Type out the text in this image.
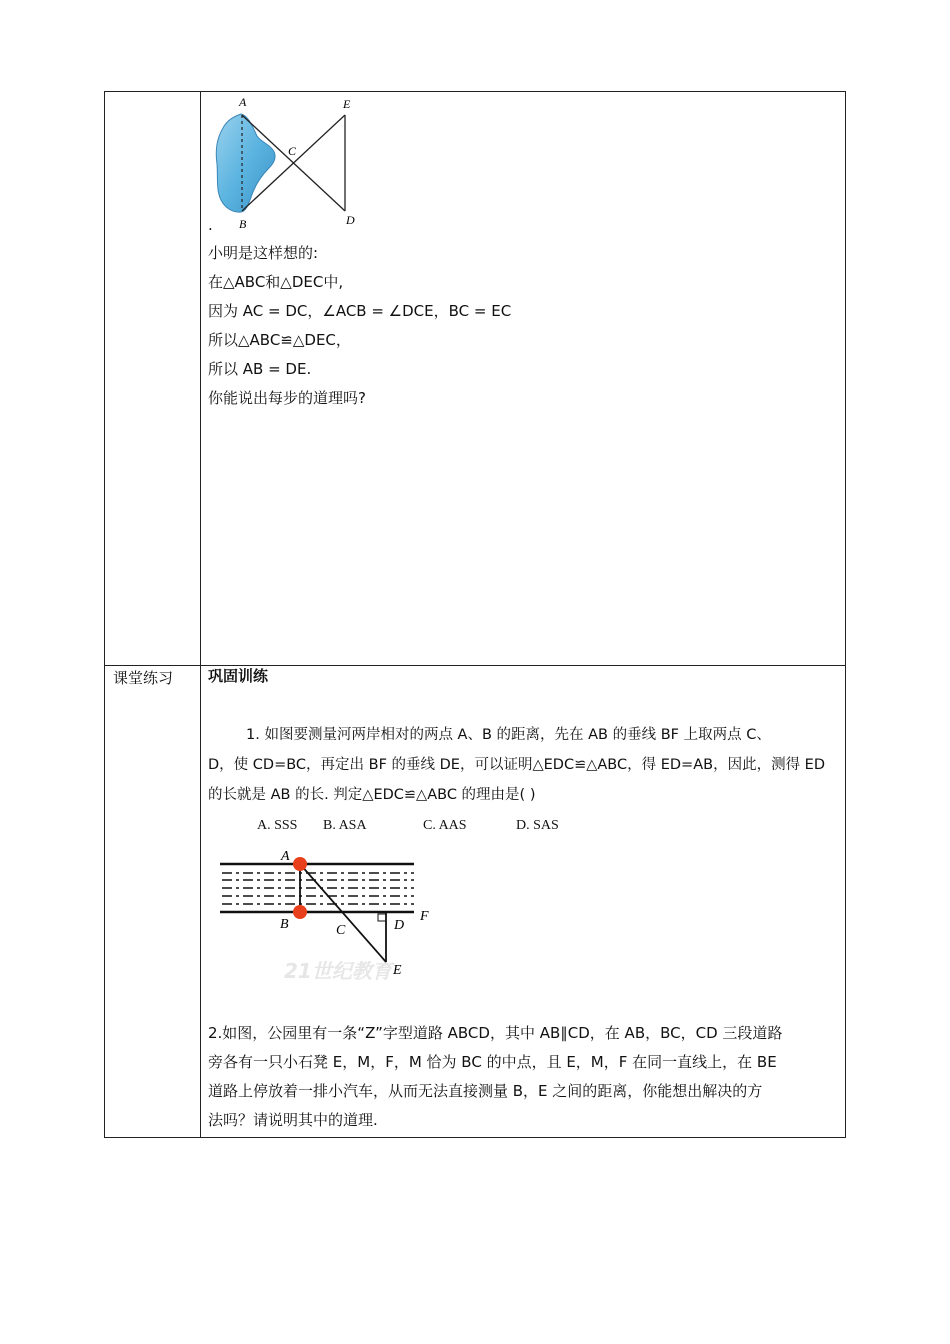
A
B
C
D
E
.
小明是这样想的:
在△ABC和△DEC中,
因为 AC = DC，∠ACB = ∠DCE，BC = EC
所以△ABC≌△DEC，
所以 AB = DE.
你能说出每步的道理吗?
课堂练习 巩固训练
1. 如图要测量河两岸相对的两点 A、B 的距离，先在 AB 的垂线 BF 上取两点 C、
D，使 CD=BC，再定出 BF 的垂线 DE，可以证明△EDC≌△ABC，得 ED=AB，因此，测得 ED
的长就是 AB 的长. 判定△EDC≌△ABC 的理由是( )
A. SSS B. ASA	C. AAS	D. SAS
21世纪教育
A
B	C	D
E
F
2.如图，公园里有一条“Z”字型道路 ABCD，其中 AB∥CD，在 AB，BC，CD 三段道路
旁各有一只小石凳 E，M，F，M 恰为 BC 的中点，且 E，M，F 在同一直线上，在 BE
道路上停放着一排小汽车，从而无法直接测量 B，E 之间的距离，你能想出解决的方
法吗？请说明其中的道理.
